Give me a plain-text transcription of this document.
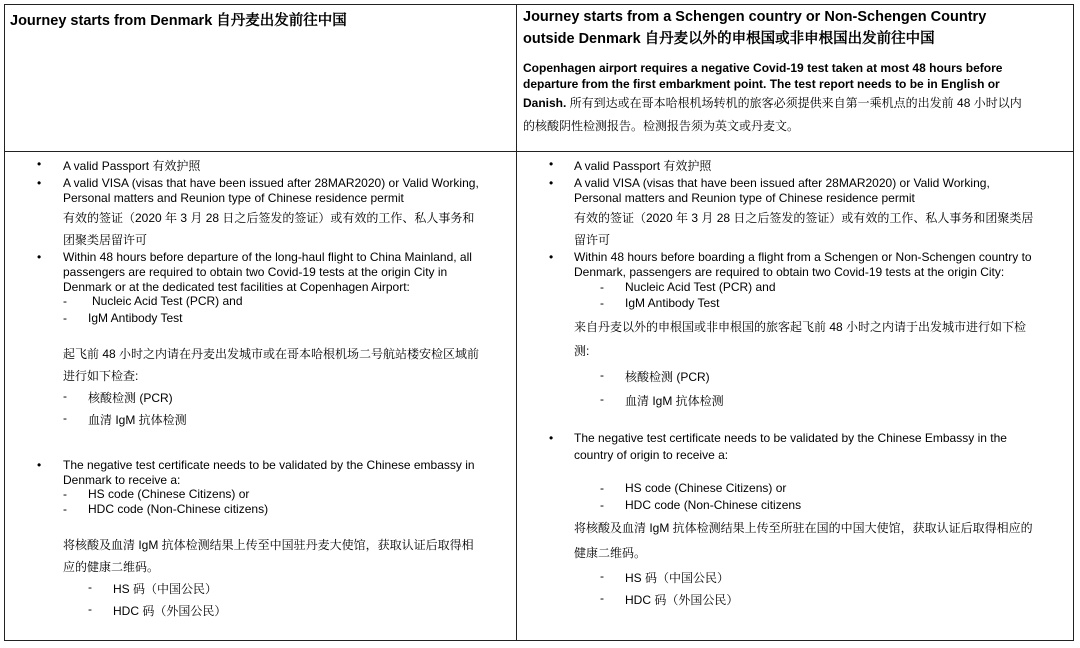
Journey starts from Denmark 自丹麦出发前往中国	Journey starts from a Schengen country or Non-Schengen Country
outside Denmark 自丹麦以外的申根国或非申根国出发前往中国
Copenhagen airport requires a negative Covid-19 test taken at most 48 hours before
departure from the first embarkment point. The test report needs to be in English or
Danish. 所有到达或在哥本哈根机场转机的旅客必须提供来自第一乘机点的出发前 48 小时以内
的核酸阴性检测报告。检测报告须为英文或丹麦文。
• A valid Passport 有效护照
• A valid VISA (visas that have been issued after 28MAR2020) or Valid Working,
Personal matters and Reunion type of Chinese residence permit
有效的签证（2020 年 3 月 28 日之后签发的签证）或有效的工作、私人事务和
团聚类居留许可
• Within 48 hours before departure of the long-haul flight to China Mainland, all
passengers are required to obtain two Covid-19 tests at the origin City in
Denmark or at the dedicated test facilities at Copenhagen Airport:
- Nucleic Acid Test (PCR) and
- IgM Antibody Test
起飞前 48 小时之内请在丹麦出发城市或在哥本哈根机场二号航站楼安检区域前
进行如下检查:
- 核酸检测 (PCR)
- 血清 IgM 抗体检测
• The negative test certificate needs to be validated by the Chinese embassy in
Denmark to receive a:
- HS code (Chinese Citizens) or
- HDC code (Non-Chinese citizens)
将核酸及血清 IgM 抗体检测结果上传至中国驻丹麦大使馆，获取认证后取得相
应的健康二维码。
- HS 码（中国公民）
- HDC 码（外国公民）
• A valid Passport 有效护照
• A valid VISA (visas that have been issued after 28MAR2020) or Valid Working,
Personal matters and Reunion type of Chinese residence permit
有效的签证（2020 年 3 月 28 日之后签发的签证）或有效的工作、私人事务和团聚类居
留许可
• Within 48 hours before boarding a flight from a Schengen or Non-Schengen country to
Denmark, passengers are required to obtain two Covid-19 tests at the origin City:
- Nucleic Acid Test (PCR) and
- IgM Antibody Test
来自丹麦以外的申根国或非申根国的旅客起飞前 48 小时之内请于出发城市进行如下检
测:
- 核酸检测 (PCR)
- 血清 IgM 抗体检测
• The negative test certificate needs to be validated by the Chinese Embassy in the
country of origin to receive a:
- HS code (Chinese Citizens) or
- HDC code (Non-Chinese citizens
将核酸及血清 IgM 抗体检测结果上传至所驻在国的中国大使馆，获取认证后取得相应的
健康二维码。
- HS 码（中国公民）
- HDC 码（外国公民）
